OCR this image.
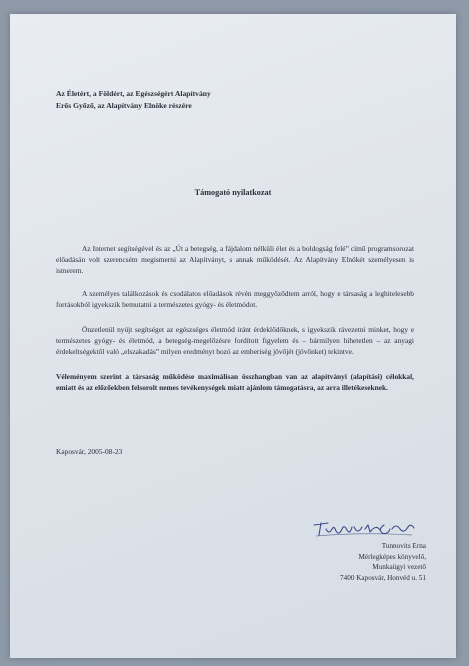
Az Életért, a Földért, az Egészségért Alapítvány
Erős Győző, az Alapítvány Elnöke részére
Támogató nyilatkozat
Az Internet segítségével és az „Út a betegség, a fájdalom nélküli élet és a boldogság felé” című programsorozat előadásán volt szerencsém megismerni az Alapítványt, s annak működését. Az Alapítvány Elnökét személyesen is ismerem.
A személyes találkozások és csodálatos előadások révén meggyőződtem arról, hogy e társaság a leghitelesebb forrásokból igyekszik bemutatni a természetes gyógy- és életmódot.
Önzetlenül nyújt segítséget az egészséges életmód iránt érdeklődőknek, s igyekszik rávezetni minket, hogy e természetes gyógy- és életmód, a betegség-megelőzésre fordított figyelem és – bármilyen hihetetlen – az anyagi érdekeltségektől való „elszakadás” milyen eredményt hozó az emberiség jövőjét (jövőnket) tekintve.
Véleményem szerint a társaság működése maximálisan összhangban van az alapítványi (alapítási) célokkal, emiatt és az előzőekben felsorolt nemes tevékenységek miatt ajánlom támogatásra, az arra illetékeseknek.
Kaposvár, 2005-08-23
Tunnovits Erna
Mérlegképes könyvelő,
Munkaügyi vezető
7400 Kaposvár, Honvéd u. 51
